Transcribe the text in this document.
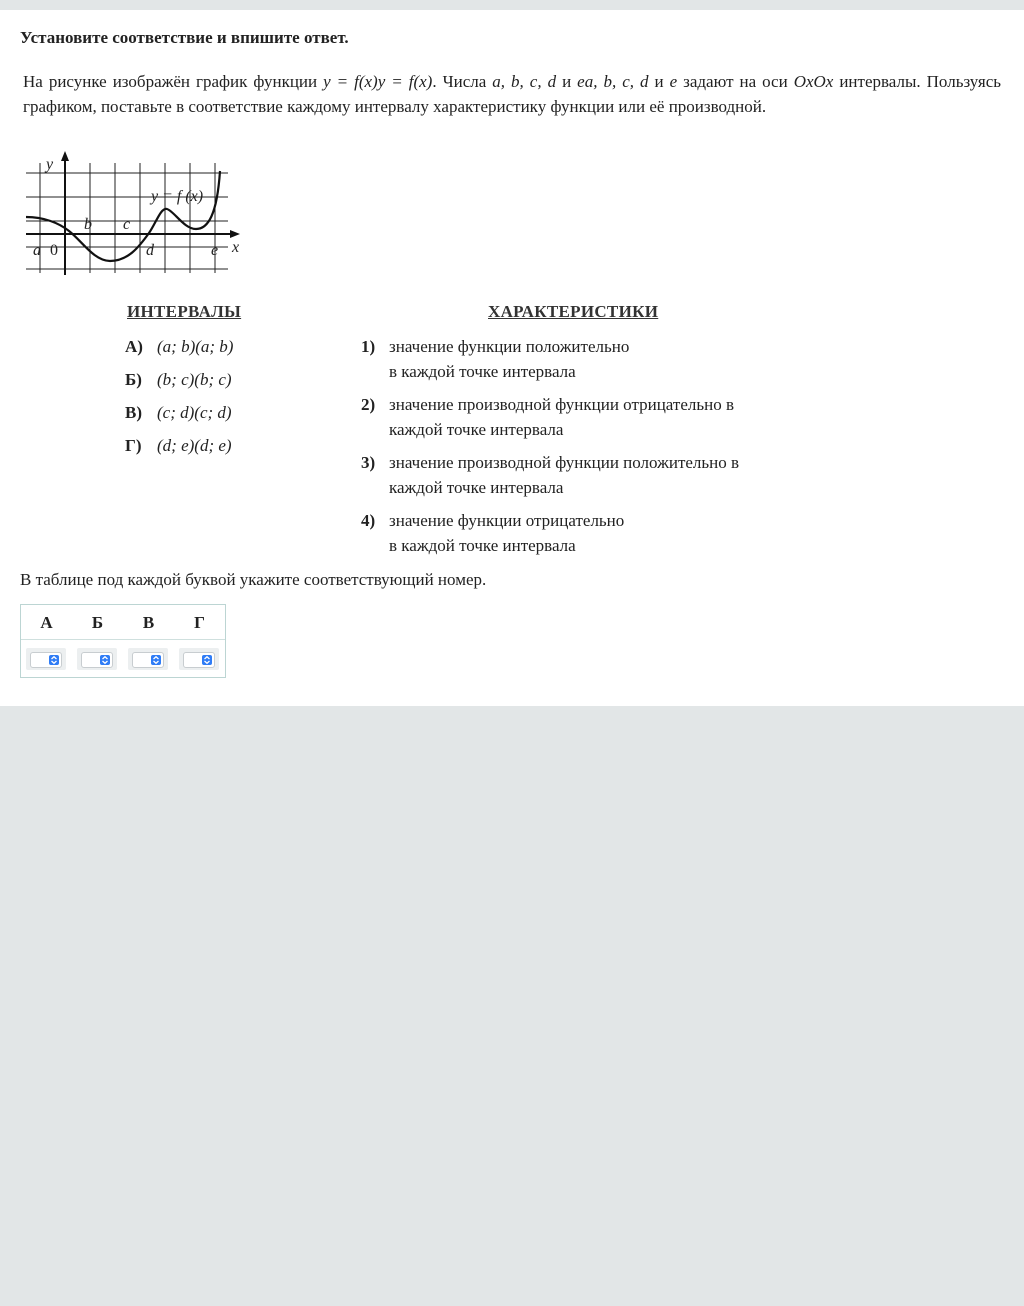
Установите соответствие и впишите ответ.
На рисунке изображён график функции y = f(x)y = f(x). Числа a, b, c, d и ea, b, c, d и e задают на оси OxOx интервалы. Пользуясь графиком, поставьте в соответствие каждому интервалу характеристику функции или её производной.
y
x
y = f (x)
a
b c
d	e
0
ИНТЕРВАЛЫ	ХАРАКТЕРИСТИКИ
А) (a; b)(a; b)
Б) (b; c)(b; c)
В) (c; d)(c; d)
Г) (d; e)(d; e)
1) значение функции положительно
в каждой точке интервала
2) значение производной функции отрицательно в
каждой точке интервала
3) значение производной функции положительно в
каждой точке интервала
4) значение функции отрицательно
в каждой точке интервала
В таблице под каждой буквой укажите соответствующий номер.
А	Б	В	Г
